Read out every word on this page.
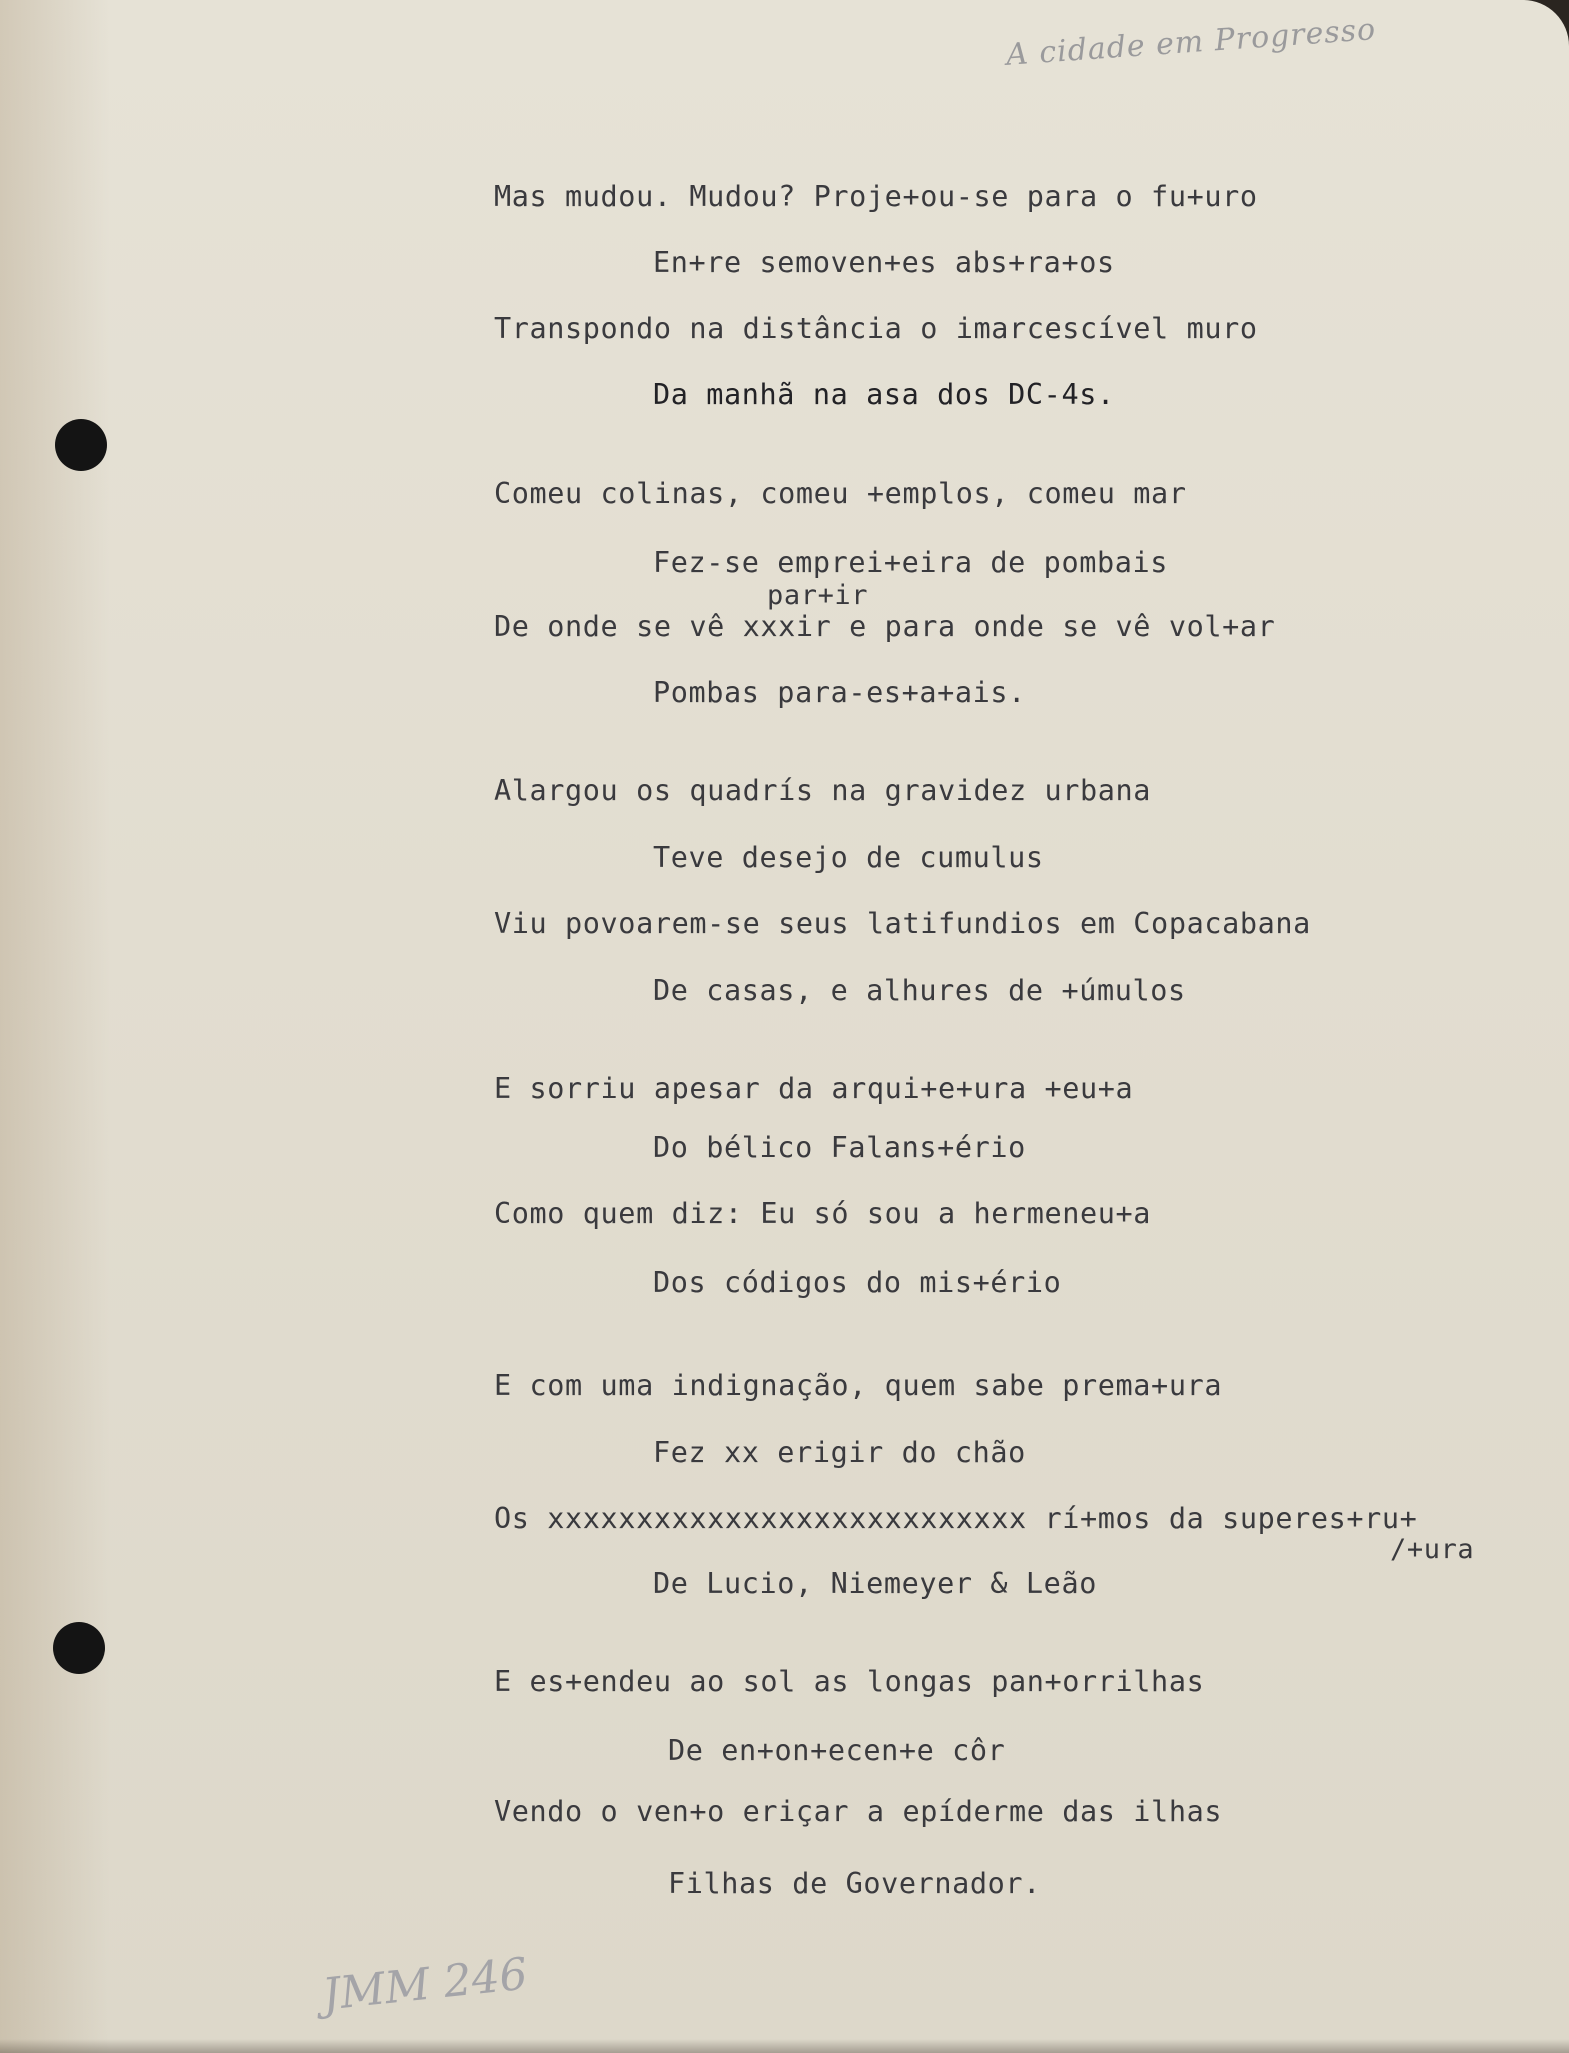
A cidade em Progresso
Mas mudou. Mudou? Proje+ou-se para o fu+uro
En+re semoven+es abs+ra+os
Transpondo na distância o imarcescível muro
Da manhã na asa dos DC-4s.
Comeu colinas, comeu +emplos, comeu mar
Fez-se emprei+eira de pombais
par+ir
De onde se vê xxxir e para onde se vê vol+ar
Pombas para-es+a+ais.
Alargou os quadrís na gravidez urbana
Teve desejo de cumulus
Viu povoarem-se seus latifundios em Copacabana
De casas, e alhures de +úmulos
E sorriu apesar da arqui+e+ura +eu+a
Do bélico Falans+ério
Como quem diz: Eu só sou a hermeneu+a
Dos códigos do mis+ério
E com uma indignação, quem sabe prema+ura
Fez xx erigir do chão
Os xxxxxxxxxxxxxxxxxxxxxxxxxxx rí+mos da superes+ru+
/+ura
De Lucio, Niemeyer & Leão
E es+endeu ao sol as longas pan+orrilhas
De en+on+ecen+e côr
Vendo o ven+o eriçar a epíderme das ilhas
Filhas de Governador.
JMM 246
